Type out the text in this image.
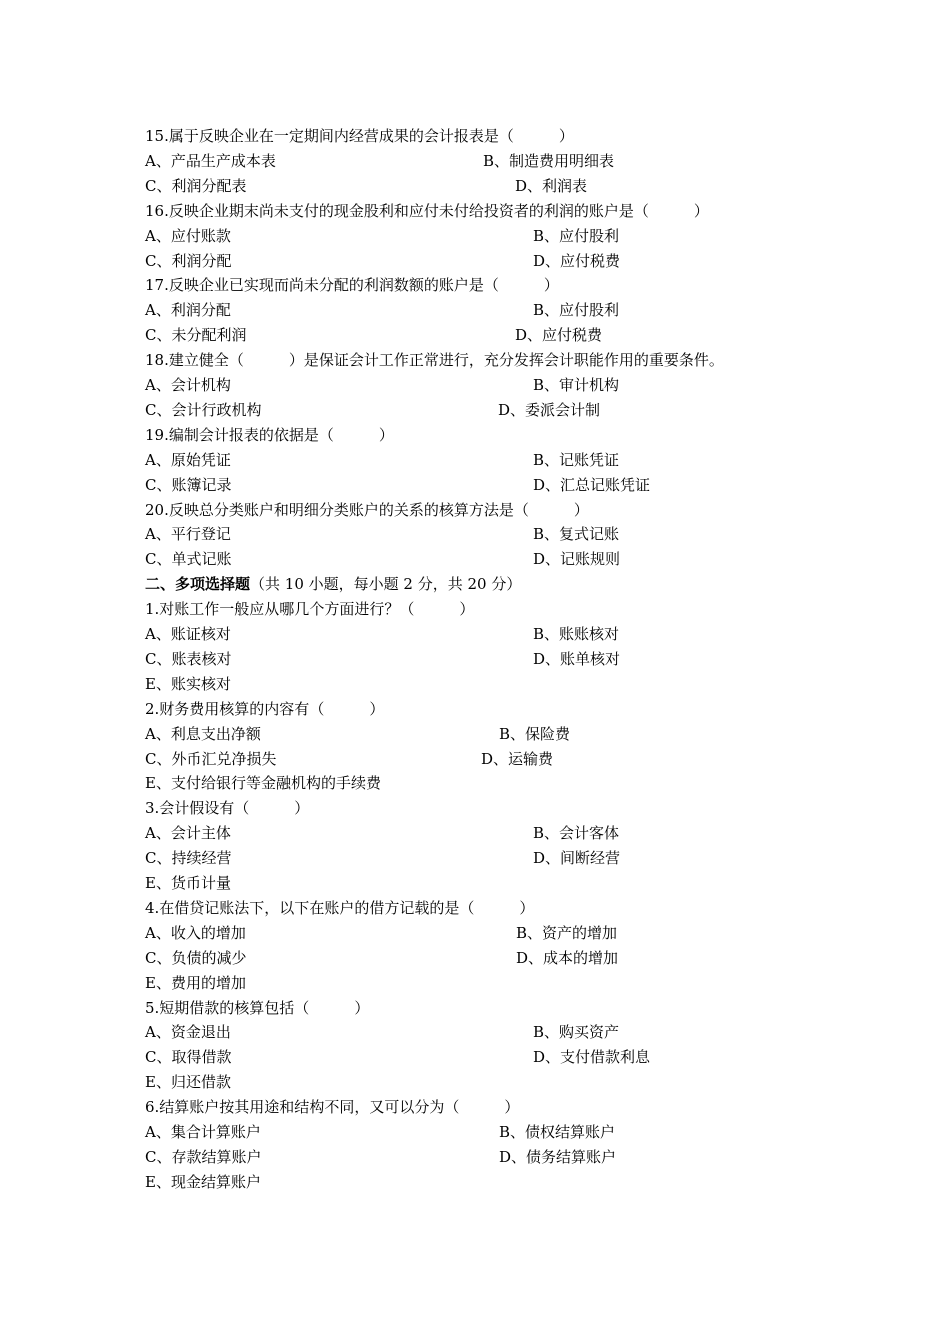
15.属于反映企业在一定期间内经营成果的会计报表是（　　　）
A、产品生产成本表	B、制造费用明细表
C、利润分配表	D、利润表
16.反映企业期末尚未支付的现金股利和应付未付给投资者的利润的账户是（　　　）
A、应付账款	B、应付股利
C、利润分配	D、应付税费
17.反映企业已实现而尚未分配的利润数额的账户是（　　　）
A、利润分配	B、应付股利
C、未分配利润	D、应付税费
18.建立健全（　　　）是保证会计工作正常进行，充分发挥会计职能作用的重要条件。
A、会计机构	B、审计机构
C、会计行政机构	D、委派会计制
19.编制会计报表的依据是（　　　）
A、原始凭证	B、记账凭证
C、账簿记录	D、汇总记账凭证
20.反映总分类账户和明细分类账户的关系的核算方法是（　　　）
A、平行登记	B、复式记账
C、单式记账	D、记账规则
二、多项选择题（共 10 小题，每小题 2 分，共 20 分）
1.对账工作一般应从哪几个方面进行？（　　　）
A、账证核对	B、账账核对
C、账表核对	D、账单核对
E、账实核对
2.财务费用核算的内容有（　　　）
A、利息支出净额	B、保险费
C、外币汇兑净损失	D、运输费
E、支付给银行等金融机构的手续费
3.会计假设有（　　　）
A、会计主体	B、会计客体
C、持续经营	D、间断经营
E、货币计量
4.在借贷记账法下，以下在账户的借方记载的是（　　　）
A、收入的增加	B、资产的增加
C、负债的减少	D、成本的增加
E、费用的增加
5.短期借款的核算包括（　　　）
A、资金退出	B、购买资产
C、取得借款	D、支付借款利息
E、归还借款
6.结算账户按其用途和结构不同，又可以分为（　　　）
A、集合计算账户	B、债权结算账户
C、存款结算账户	D、债务结算账户
E、现金结算账户
